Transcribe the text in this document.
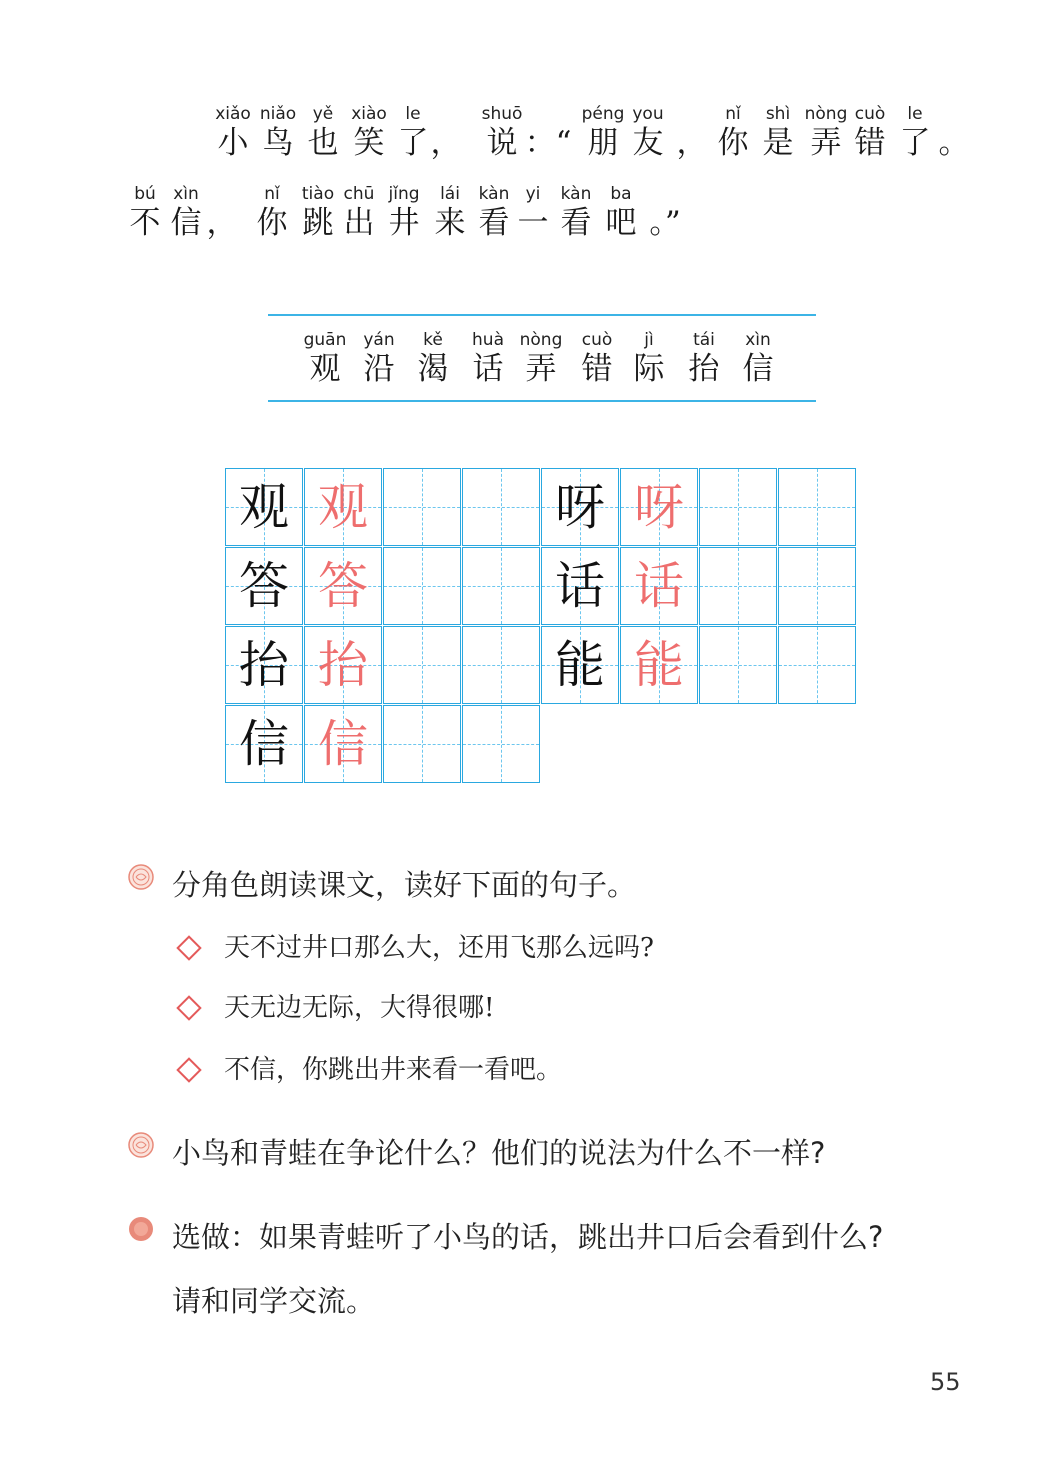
xiǎo
小
niǎo
鸟
yě
也
xiào
笑
le
了 ，
shuō
说 ：“
péng
朋
you
友 ，
nǐ
你
shì
是
nòng
弄
cuò
错
le
了 。
bú
不
xìn
信 ，
nǐ
你
tiào
跳
chū
出
jǐng
井
lái
来
kàn
看
yi
一
kàn
看
ba
吧 。”
guān
观
yán
沿
kě
渴
huà
话
nòng
弄
cuò
错
jì
际
tái
抬
xìn
信
观 观
答 答
抬 抬
信 信
呀 呀
话 话
能 能
分角色朗读课文，读好下面的句子。
天不过井口那么大，还用飞那么远吗?
天无边无际，大得很哪!
不信，你跳出井来看一看吧。
小鸟和青蛙在争论什么？他们的说法为什么不一样?
选做：如果青蛙听了小鸟的话，跳出井口后会看到什么?
请和同学交流。
55
